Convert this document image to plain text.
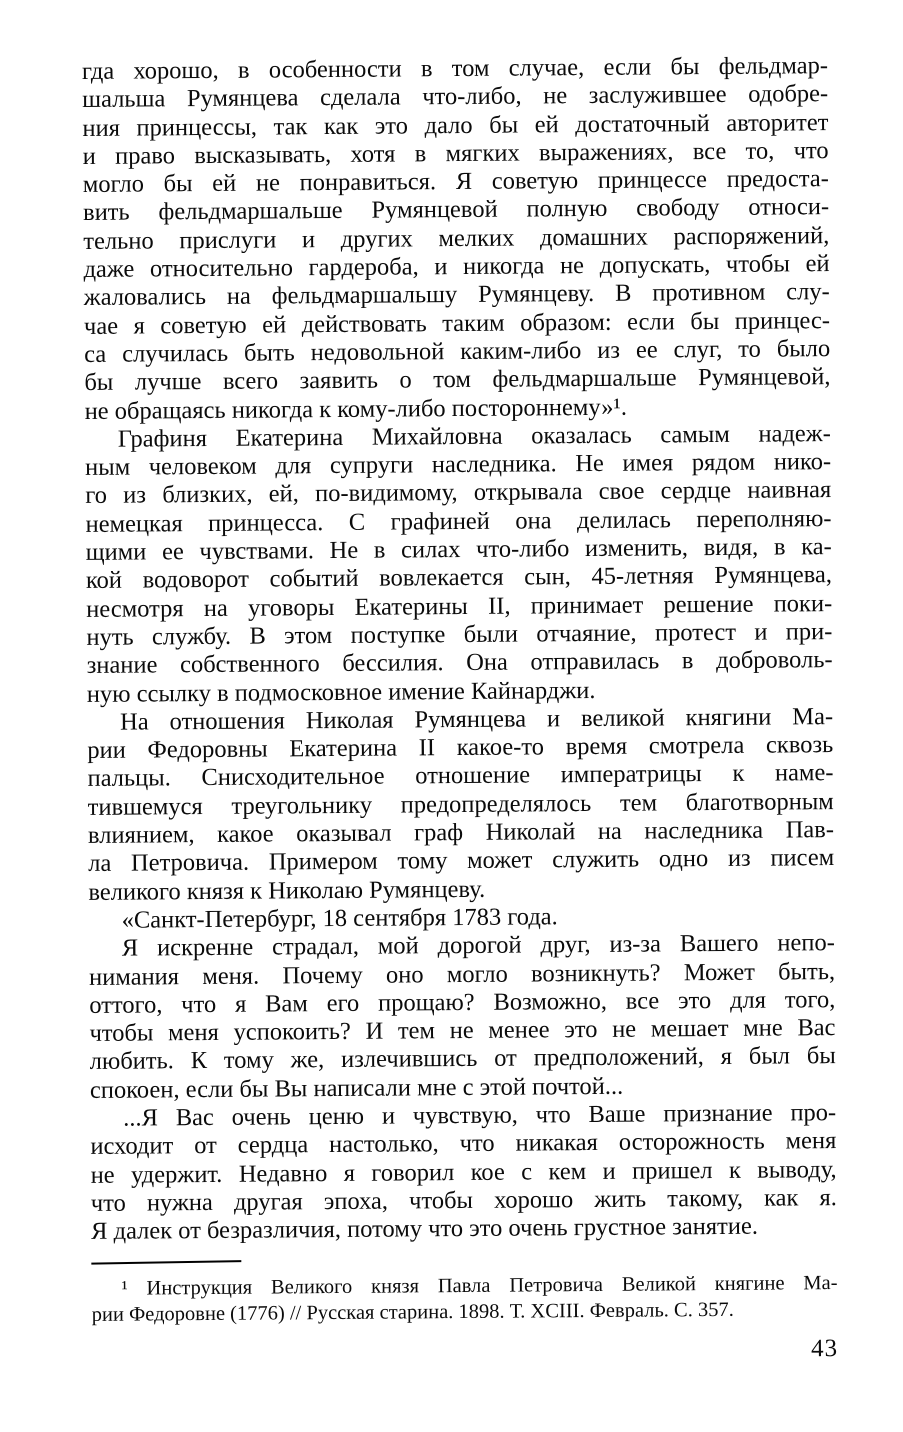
гда хорошо, в особенности в том случае, если бы фельдмар-
шальша Румянцева сделала что-либо, не заслужившее одобре-
ния принцессы, так как это дало бы ей достаточный авторитет
и право высказывать, хотя в мягких выражениях, все то, что
могло бы ей не понравиться. Я советую принцессе предоста-
вить фельдмаршальше Румянцевой полную свободу относи-
тельно прислуги и других мелких домашних распоряжений,
даже относительно гардероба, и никогда не допускать, чтобы ей
жаловались на фельдмаршальшу Румянцеву. В противном слу-
чае я советую ей действовать таким образом: если бы принцес-
са случилась быть недовольной каким-либо из ее слуг, то было
бы лучше всего заявить о том фельдмаршальше Румянцевой,
не обращаясь никогда к кому-либо постороннему»¹.
Графиня Екатерина Михайловна оказалась самым надеж-
ным человеком для супруги наследника. Не имея рядом нико-
го из близких, ей, по-видимому, открывала свое сердце наивная
немецкая принцесса. С графиней она делилась переполняю-
щими ее чувствами. Не в силах что-либо изменить, видя, в ка-
кой водоворот событий вовлекается сын, 45-летняя Румянцева,
несмотря на уговоры Екатерины II, принимает решение поки-
нуть службу. В этом поступке были отчаяние, протест и при-
знание собственного бессилия. Она отправилась в доброволь-
ную ссылку в подмосковное имение Кайнарджи.
На отношения Николая Румянцева и великой княгини Ма-
рии Федоровны Екатерина II какое-то время смотрела сквозь
пальцы. Снисходительное отношение императрицы к наме-
тившемуся треугольнику предопределялось тем благотворным
влиянием, какое оказывал граф Николай на наследника Пав-
ла Петровича. Примером тому может служить одно из писем
великого князя к Николаю Румянцеву.
«Санкт-Петербург, 18 сентября 1783 года.
Я искренне страдал, мой дорогой друг, из-за Вашего непо-
нимания меня. Почему оно могло возникнуть? Может быть,
оттого, что я Вам его прощаю? Возможно, все это для того,
чтобы меня успокоить? И тем не менее это не мешает мне Вас
любить. К тому же, излечившись от предположений, я был бы
спокоен, если бы Вы написали мне с этой почтой...
...Я Вас очень ценю и чувствую, что Ваше признание про-
исходит от сердца настолько, что никакая осторожность меня
не удержит. Недавно я говорил кое с кем и пришел к выводу,
что нужна другая эпоха, чтобы хорошо жить такому, как я.
Я далек от безразличия, потому что это очень грустное занятие.
¹ Инструкция Великого князя Павла Петровича Великой княгине Ма-
рии Федоровне (1776) // Русская старина. 1898. Т. XCIII. Февраль. С. 357.
43
